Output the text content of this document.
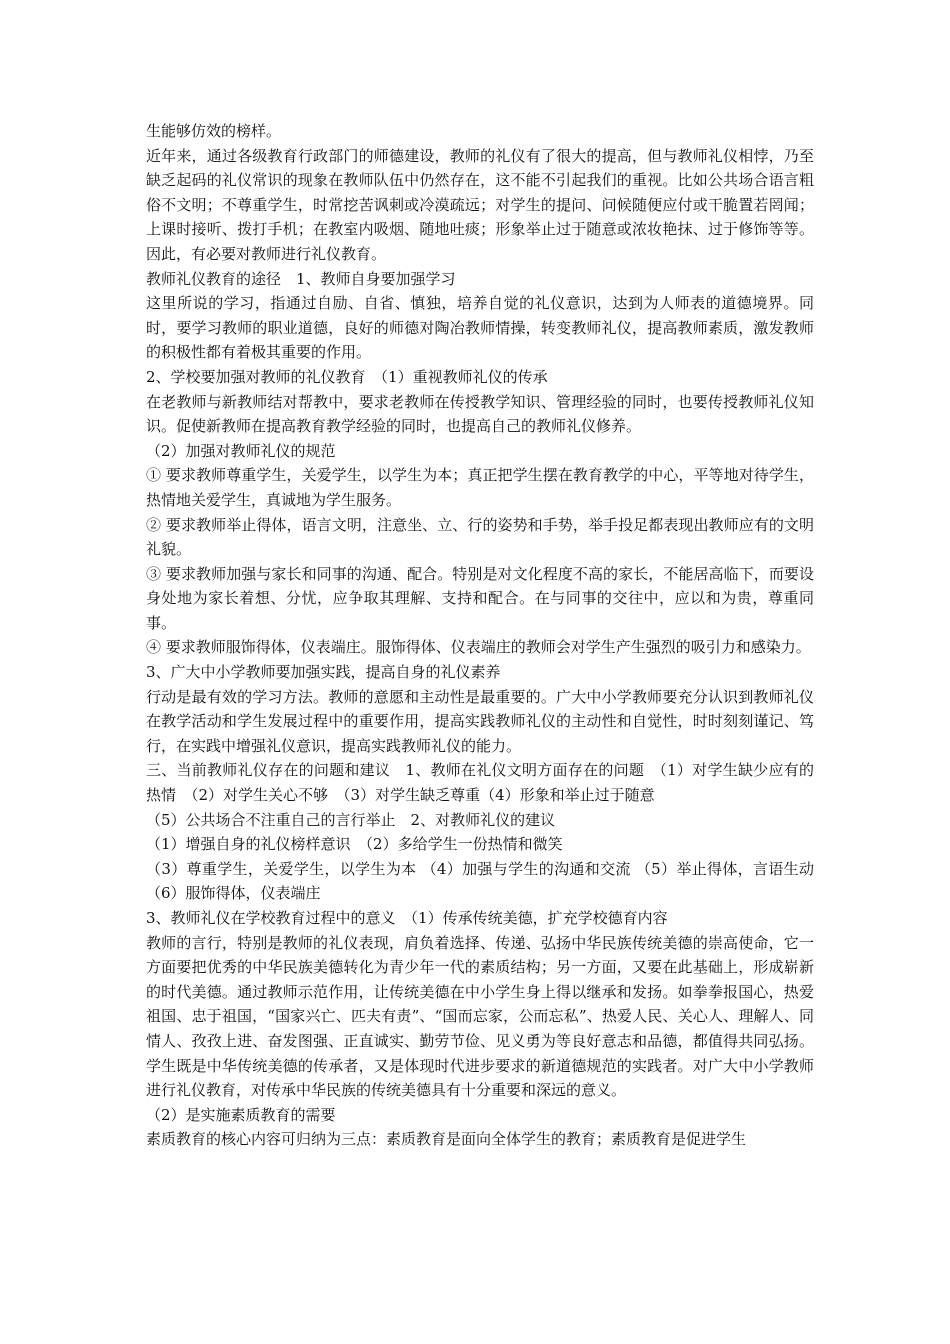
生能够仿效的榜样。

近年来，通过各级教育行政部门的师德建设，教师的礼仪有了很大的提高，但与教师礼仪相悖，乃至缺乏起码的礼仪常识的现象在教师队伍中仍然存在，这不能不引起我们的重视。比如公共场合语言粗俗不文明；不尊重学生，时常挖苦讽刺或冷漠疏远；对学生的提问、问候随便应付或干脆置若罔闻；上课时接听、拨打手机；在教室内吸烟、随地吐痰；形象举止过于随意或浓妆艳抹、过于修饰等等。因此，有必要对教师进行礼仪教育。

教师礼仪教育的途径　1、教师自身要加强学习

这里所说的学习，指通过自励、自省、慎独，培养自觉的礼仪意识，达到为人师表的道德境界。同时，要学习教师的职业道德，良好的师德对陶冶教师情操，转变教师礼仪，提高教师素质，激发教师的积极性都有着极其重要的作用。

2、学校要加强对教师的礼仪教育　（1）重视教师礼仪的传承

在老教师与新教师结对帮教中，要求老教师在传授教学知识、管理经验的同时，也要传授教师礼仪知识。促使新教师在提高教育教学经验的同时，也提高自己的教师礼仪修养。

（2）加强对教师礼仪的规范

① 要求教师尊重学生，关爱学生，以学生为本；真正把学生摆在教育教学的中心，平等地对待学生，热情地关爱学生，真诚地为学生服务。

② 要求教师举止得体，语言文明，注意坐、立、行的姿势和手势，举手投足都表现出教师应有的文明礼貌。

③ 要求教师加强与家长和同事的沟通、配合。特别是对文化程度不高的家长，不能居高临下，而要设身处地为家长着想、分忧，应争取其理解、支持和配合。在与同事的交往中，应以和为贵，尊重同事。

④ 要求教师服饰得体，仪表端庄。服饰得体、仪表端庄的教师会对学生产生强烈的吸引力和感染力。

3、广大中小学教师要加强实践，提高自身的礼仪素养

行动是最有效的学习方法。教师的意愿和主动性是最重要的。广大中小学教师要充分认识到教师礼仪在教学活动和学生发展过程中的重要作用，提高实践教师礼仪的主动性和自觉性，时时刻刻谨记、笃行，在实践中增强礼仪意识，提高实践教师礼仪的能力。

三、当前教师礼仪存在的问题和建议　1、教师在礼仪文明方面存在的问题　（1）对学生缺少应有的热情　（2）对学生关心不够　（3）对学生缺乏尊重（4）形象和举止过于随意

（5）公共场合不注重自己的言行举止　2、对教师礼仪的建议

（1）增强自身的礼仪榜样意识　（2）多给学生一份热情和微笑

（3）尊重学生，关爱学生，以学生为本 （4）加强与学生的沟通和交流 （5）举止得体，言语生动　（6）服饰得体，仪表端庄

3、教师礼仪在学校教育过程中的意义　（1）传承传统美德，扩充学校德育内容

教师的言行，特别是教师的礼仪表现，肩负着选择、传递、弘扬中华民族传统美德的崇高使命，它一方面要把优秀的中华民族美德转化为青少年一代的素质结构；另一方面，又要在此基础上，形成崭新的时代美德。通过教师示范作用，让传统美德在中小学生身上得以继承和发扬。如拳拳报国心，热爱祖国、忠于祖国，“国家兴亡、匹夫有责”、“国而忘家，公而忘私”、热爱人民、关心人、理解人、同情人、孜孜上进、奋发图强、正直诚实、勤劳节俭、见义勇为等良好意志和品德，都值得共同弘扬。学生既是中华传统美德的传承者，又是体现时代进步要求的新道德规范的实践者。对广大中小学教师进行礼仪教育，对传承中华民族的传统美德具有十分重要和深远的意义。

（2）是实施素质教育的需要

素质教育的核心内容可归纳为三点：素质教育是面向全体学生的教育；素质教育是促进学生
